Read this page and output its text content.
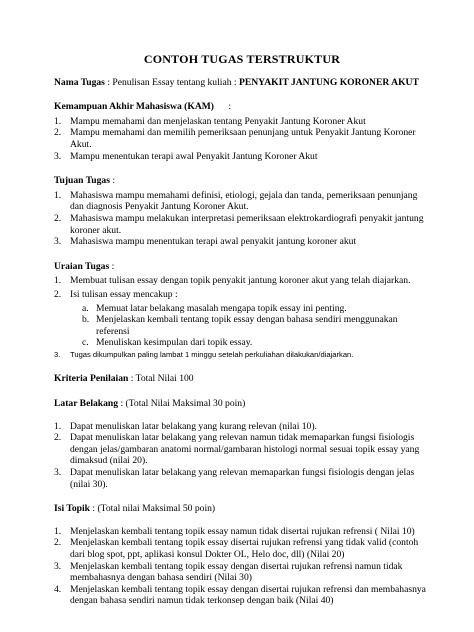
CONTOH TUGAS TERSTRUKTUR
Nama Tugas : Penulisan Essay tentang kuliah : PENYAKIT JANTUNG KORONER AKUT
Kemampuan Akhir Mahasiswa (KAM)      :
1. Mampu memahami dan menjelaskan tentang Penyakit Jantung Koroner Akut
2. Mampu memahami dan memilih pemeriksaan penunjang untuk Penyakit Jantung Koroner Akut.
3. Mampu menentukan terapi awal Penyakit Jantung Koroner Akut
Tujuan Tugas :
1. Mahasiswa mampu memahami definisi, etiologi, gejala dan tanda, pemeriksaan penunjang dan diagnosis Penyakit Jantung Koroner Akut.
2. Mahasiswa mampu melakukan interpretasi pemeriksaan elektrokardiografi penyakit jantung koroner akut.
3. Mahasiswa mampu menentukan terapi awal penyakit jantung koroner akut
Uraian Tugas :
1. Membuat tulisan essay dengan topik penyakit jantung koroner akut yang telah diajarkan.
2. Isi tulisan essay mencakup :
a. Memuat latar belakang masalah mengapa topik essay ini penting.
b. Menjelaskan kembali tentang topik essay dengan bahasa sendiri menggunakan referensi
c. Menuliskan kesimpulan dari topik essay.
3.	Tugas dikumpulkan paling lambat 1 minggu setelah perkuliahan dilakukan/diajarkan.
Kriteria Penilaian : Total Nilai 100
Latar Belakang : (Total Nilai Maksimal 30 poin)
1. Dapat menuliskan latar belakang yang kurang relevan (nilai 10).
2. Dapat menuliskan latar belakang yang relevan namun tidak memaparkan fungsi fisiologis dengan jelas/gambaran anatomi normal/gambaran histologi normal sesuai topik essay yang dimaksud (nilai 20).
3. Dapat menuliskan latar belakang yang relevan memaparkan fungsi fisiologis dengan jelas (nilai 30).
Isi Topik : (Total nilai Maksimal 50 poin)
1. Menjelaskan kembali tentang topik essay namun tidak disertai rujukan refrensi ( Nilai 10)
2. Menjelaskan kembali tentang topik essay disertai rujukan refrensi yang tidak valid (contoh dari blog spot, ppt, aplikasi konsul Dokter OL, Helo doc, dll) (Nilai 20)
3. Menjelaskan kembali tentang topik essay dengan disertai rujukan refrensi namun tidak membahasnya dengan bahasa sendiri (Nilai 30)
4. Menjelaskan kembali tentang topik essay dengan disertai rujukan refrensi dan membahasnya dengan bahasa sendiri namun tidak terkonsep dengan baik (Nilai 40)
